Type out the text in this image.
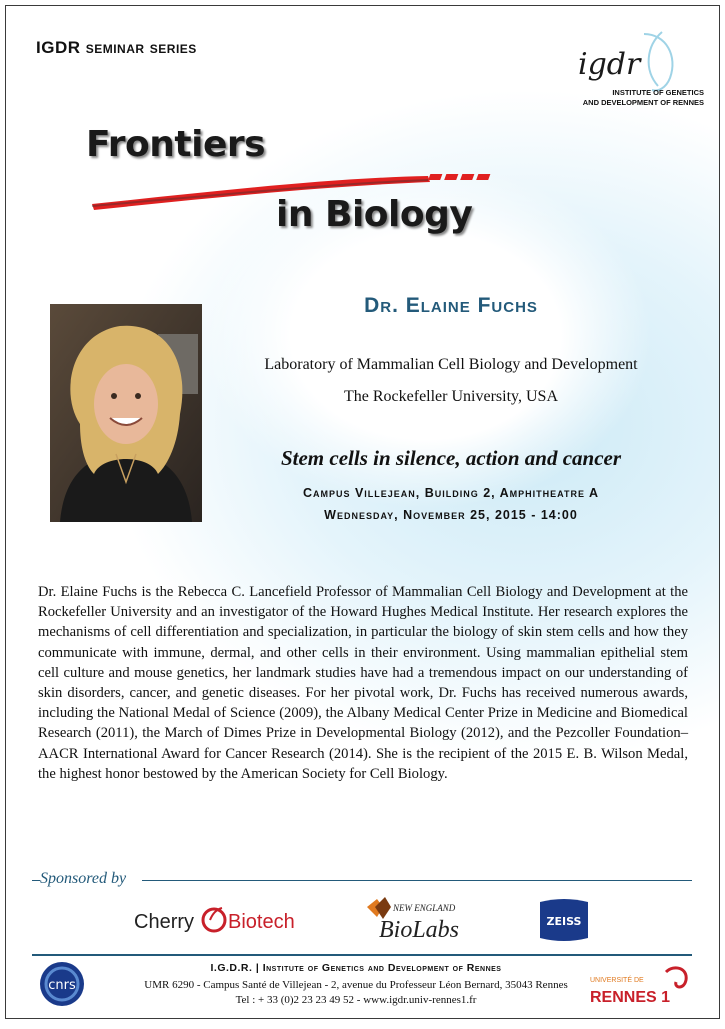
IGDR seminar series	igdr
INSTITUTE OF GENETICS
AND DEVELOPMENT OF RENNES
Frontiers
in Biology
Dr. Elaine Fuchs
Laboratory of Mammalian Cell Biology and Development
The Rockefeller University, USA
Stem cells in silence, action and cancer
Campus Villejean, Building 2, Amphitheatre A
Wednesday, November 25, 2015 - 14:00
Dr. Elaine Fuchs is the Rebecca C. Lancefield Professor of Mammalian Cell Biology and Development at the Rockefeller University and an investigator of the Howard Hughes Medical Institute. Her research explores the mechanisms of cell differentiation and specialization, in particular the biology of skin stem cells and how they communicate with immune, dermal, and other cells in their environment. Using mammalian epithelial stem cell culture and mouse genetics, her landmark studies have had a tremendous impact on our understanding of skin disorders, cancer, and genetic diseases. For her pivotal work, Dr. Fuchs has received numerous awards, including the National Medal of Science (2009), the Albany Medical Center Prize in Medicine and Biomedical Research (2011), the March of Dimes Prize in Developmental Biology (2012), and the Pezcoller Foundation–AACR International Award for Cancer Research (2014). She is the recipient of the 2015 E. B. Wilson Medal, the highest honor bestowed by the American Society for Cell Biology.
Sponsored by
Cherry Biotech
NEW ENGLAND
BioLabs	ZEISS
cnrs
I.G.D.R. | Institute of Genetics and Development of Rennes
UMR 6290 - Campus Santé de Villejean - 2, avenue du Professeur Léon Bernard, 35043 Rennes
Tel : + 33 (0)2 23 23 49 52 - www.igdr.univ-rennes1.fr
UNIVERSITÉ DE
RENNES 1
